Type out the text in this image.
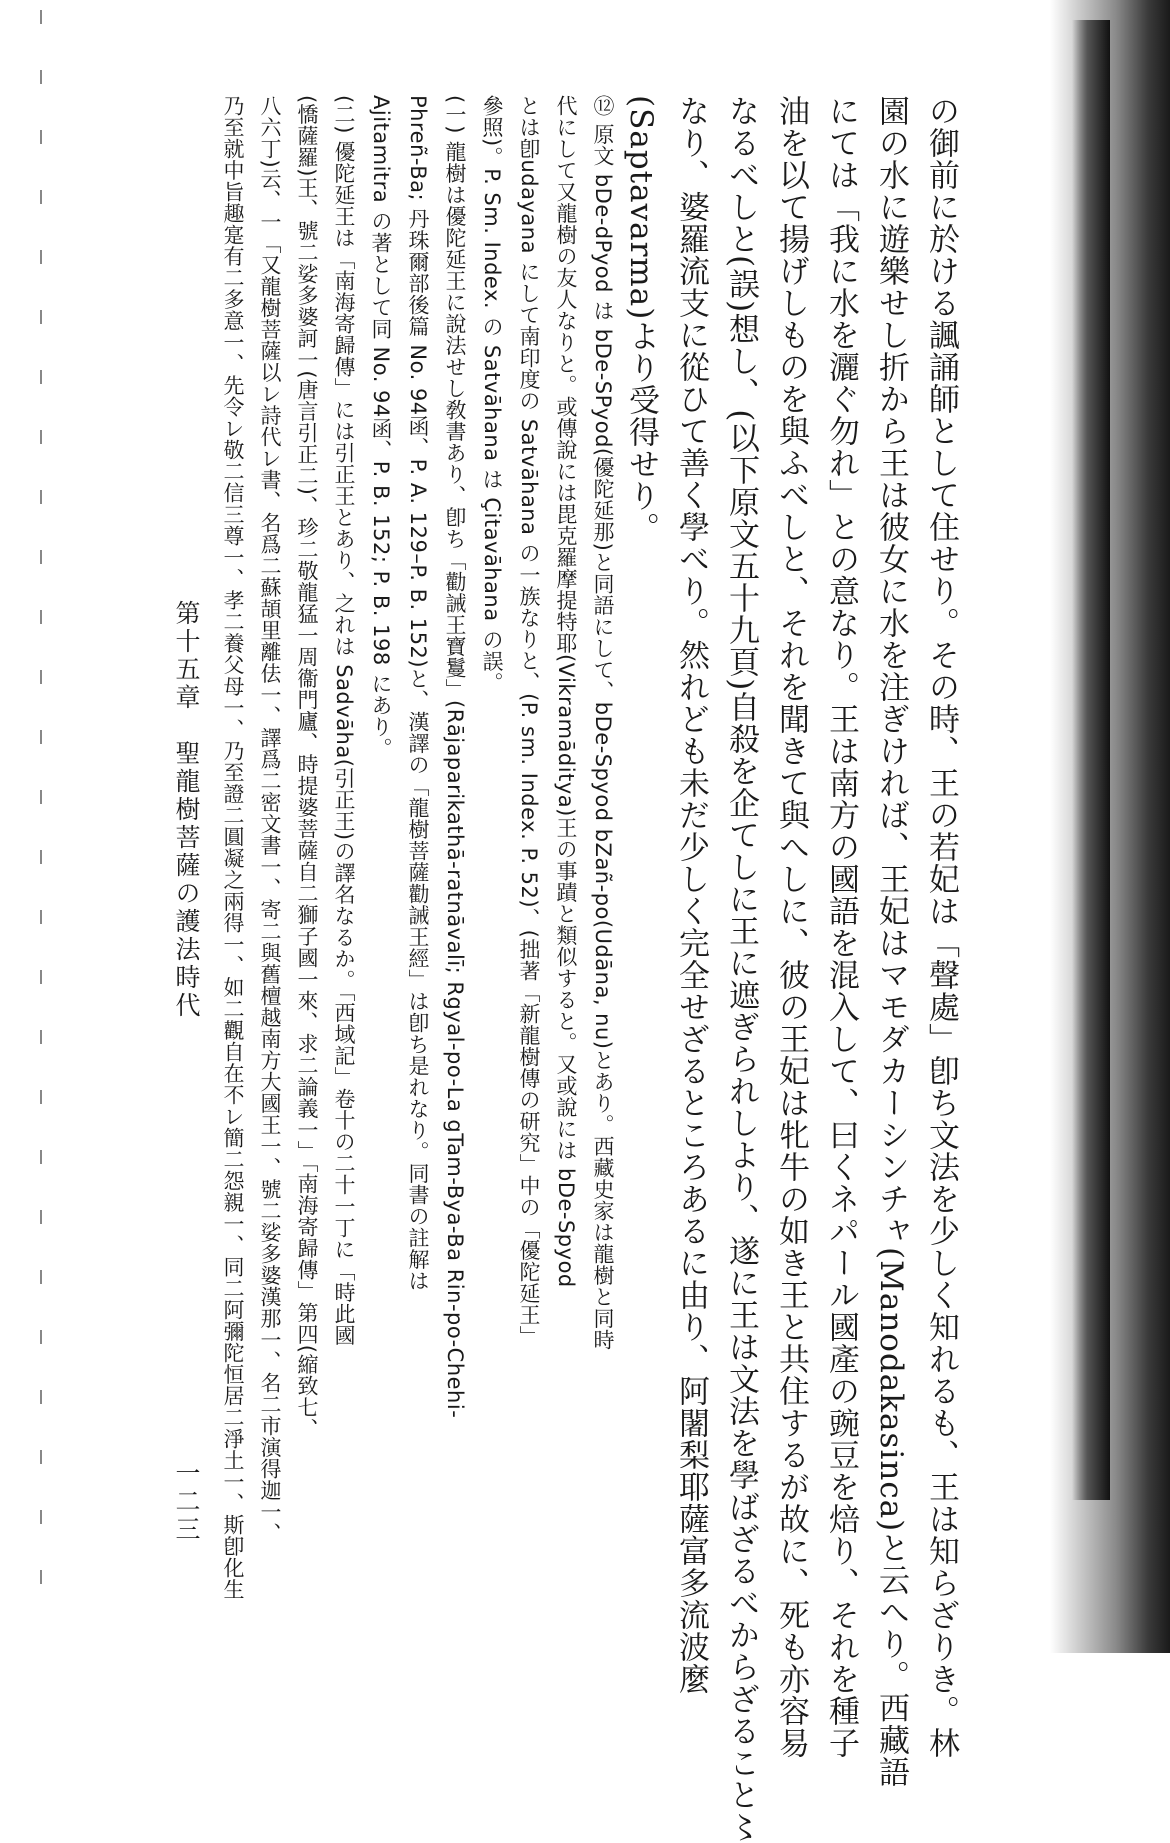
の御前に於ける諷誦師として住せり。その時、王の若妃は「聲處」卽ち文法を少しく知れるも、王は知らざりき。林
園の水に遊樂せし折から王は彼女に水を注ぎければ、王妃はマモダカーシンチャ(Manodakasinca)と云へり。西藏語
にては「我に水を灑ぐ勿れ」との意なり。王は南方の國語を混入して、曰くネパール國產の豌豆を焙り、それを種子
油を以て揚げしものを與ふべしと、それを聞きて與へしに、彼の王妃は牝牛の如き王と共住するが故に、死も亦容易
なるべしと(誤)想し、(以下原文五十九頁)自殺を企てしに王に遮ぎられしより、遂に王は文法を學ばざるべからざること〻
なり、婆羅流支に從ひて善く學べり。然れども未だ少しく完全せざるところあるに由り、阿闍梨耶薩富多流波麼
(Saptavarma)より受得せり。
⑫ 原文 bDe-dPyod は bDe-SPyod(優陀延那)と同語にして、bDe-Spyod bZañ-po(Udāna, nu)とあり。西藏史家は龍樹と同時
代にして又龍樹の友人なりと。或傳說には毘克羅摩提特耶(Vikramāditya)王の事蹟と類似すると。又或說には bDe-Spyod
とは卽udayana にして南印度の Satvāhana の一族なりと、(P. sm. Index. P. 52)、(拙著「新龍樹傳の研究」中の「優陀延王」
參照)。P. Sm. Index. の Satvāhana は Çitavāhana の誤。
(一) 龍樹は優陀延王に說法せし敎書あり、卽ち「勸誡王寶鬘」(Rājaparikathā-ratnāvalī; Rgyal-po-La gTam-Bya-Ba Rin-po-Chehi-
Phreñ-Ba; 丹珠爾部後篇 No. 94函、P. A. 129–P. B. 152)と、漢譯の「龍樹菩薩勸誡王經」は卽ち是れなり。同書の註解は
Ajitamitra の著として同 No. 94函、P. B. 152; P. B. 198 にあり。
(二) 優陀延王は「南海寄歸傳」には引正王とあり、之れは Sadvāha(引正王)の譯名なるか。「西域記」卷十の二十一丁に「時此國
(憍薩羅)王、號二娑多婆訶一(唐言引正二)、珍二敬龍猛一周衞門廬、時提婆菩薩自二獅子國一來、求二論義一」「南海寄歸傳」第四(縮致七、
八六丁)云、一「又龍樹菩薩以レ詩代レ書、名爲二蘇頡里離佉一、譯爲二密文書一、寄二與舊檀越南方大國王一、號二娑多婆漢那一、名二市演得迦一、
乃至就中旨趣寔有二多意一、先令レ敬二信三尊一、孝二養父母一、乃至證二圓凝之兩得一、如二觀自在不レ簡二怨親一、同二阿彌陀恒居二淨土一、斯卽化生
第十五章　聖龍樹菩薩の護法時代
一二三
